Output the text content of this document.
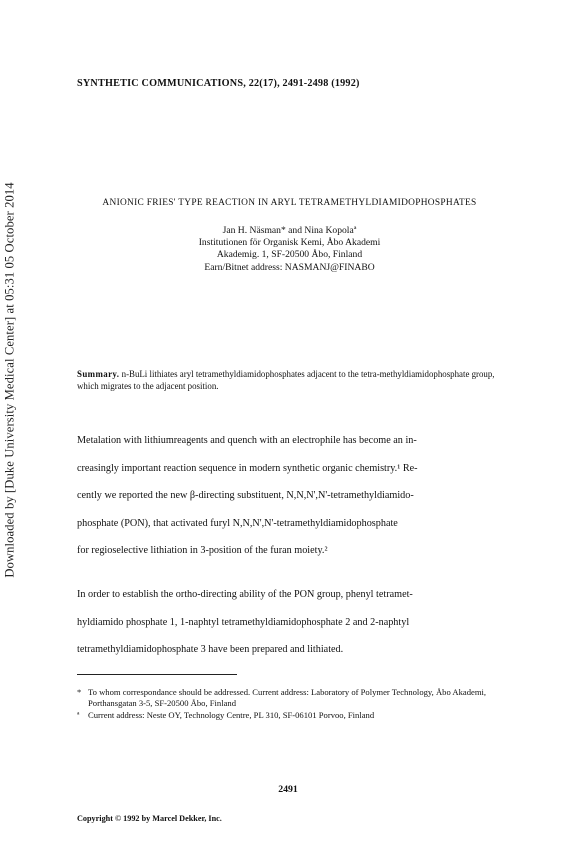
Downloaded by [Duke University Medical Center] at 05:31 05 October 2014
SYNTHETIC COMMUNICATIONS, 22(17), 2491-2498 (1992)
ANIONIC FRIES' TYPE REACTION IN ARYL TETRAMETHYLDIAMIDOPHOSPHATES
Jan H. Näsman* and Nina Kopolaª
Institutionen för Organisk Kemi, Åbo Akademi
Akademig. 1, SF-20500 Åbo, Finland
Earn/Bitnet address: NASMANJ@FINABO
Summary. n-BuLi lithiates aryl tetramethyldiamidophosphates adjacent to the tetra-methyldiamidophosphate group, which migrates to the adjacent position.
Metalation with lithiumreagents and quench with an electrophile has become an in-
creasingly important reaction sequence in modern synthetic organic chemistry.¹ Re-
cently we reported the new β-directing substituent, N,N,N',N'-tetramethyldiamido-
phosphate (PON), that activated furyl N,N,N',N'-tetramethyldiamidophosphate
for regioselective lithiation in 3-position of the furan moiety.²
In order to establish the ortho-directing ability of the PON group, phenyl tetramet-
hyldiamido phosphate 1, 1-naphtyl tetramethyldiamidophosphate 2 and 2-naphtyl
tetramethyldiamidophosphate 3 have been prepared and lithiated.
* To whom correspondance should be addressed. Current address: Laboratory of Polymer Technology, Åbo Akademi, Porthansgatan 3-5, SF-20500 Åbo, Finland
ª	Current address: Neste OY, Technology Centre, PL 310, SF-06101 Porvoo, Finland
2491
Copyright © 1992 by Marcel Dekker, Inc.
